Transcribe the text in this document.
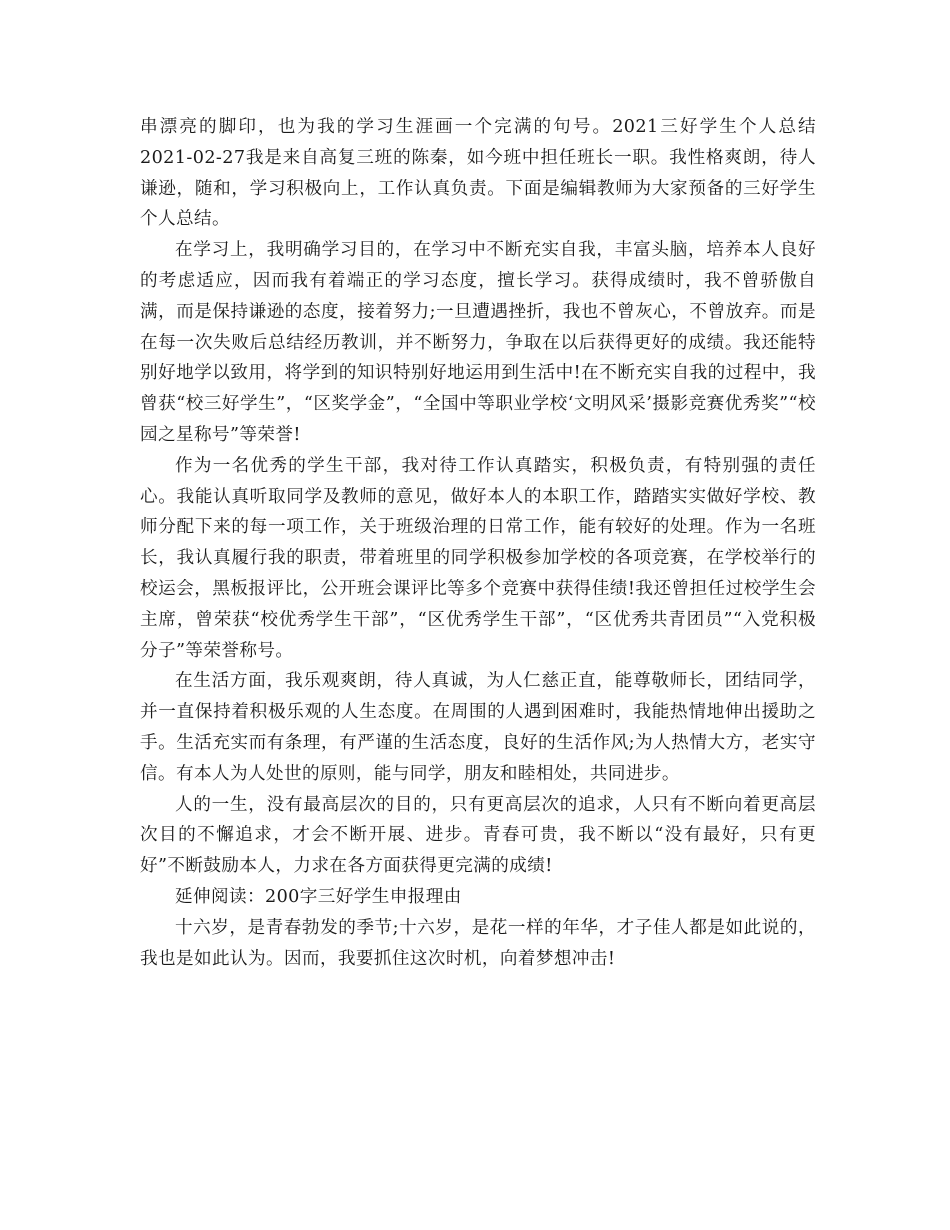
串漂亮的脚印，也为我的学习生涯画一个完满的句号。2021三好学生个人总结 2021-02-27我是来自高复三班的陈秦，如今班中担任班长一职。我性格爽朗，待人谦逊，随和，学习积极向上，工作认真负责。下面是编辑教师为大家预备的三好学生个人总结。

在学习上，我明确学习目的，在学习中不断充实自我，丰富头脑，培养本人良好的考虑适应，因而我有着端正的学习态度，擅长学习。获得成绩时，我不曾骄傲自满，而是保持谦逊的态度，接着努力;一旦遭遇挫折，我也不曾灰心，不曾放弃。而是在每一次失败后总结经历教训，并不断努力，争取在以后获得更好的成绩。我还能特别好地学以致用，将学到的知识特别好地运用到生活中!在不断充实自我的过程中，我曾获“校三好学生”，“区奖学金”，“全国中等职业学校‘文明风采’摄影竞赛优秀奖”“校园之星称号”等荣誉!

作为一名优秀的学生干部，我对待工作认真踏实，积极负责，有特别强的责任心。我能认真听取同学及教师的意见，做好本人的本职工作，踏踏实实做好学校、教师分配下来的每一项工作，关于班级治理的日常工作，能有较好的处理。作为一名班长，我认真履行我的职责，带着班里的同学积极参加学校的各项竞赛，在学校举行的校运会，黑板报评比，公开班会课评比等多个竞赛中获得佳绩!我还曾担任过校学生会主席，曾荣获“校优秀学生干部”，“区优秀学生干部”，“区优秀共青团员”“入党积极分子”等荣誉称号。

在生活方面，我乐观爽朗，待人真诚，为人仁慈正直，能尊敬师长，团结同学，并一直保持着积极乐观的人生态度。在周围的人遇到困难时，我能热情地伸出援助之手。生活充实而有条理，有严谨的生活态度，良好的生活作风;为人热情大方，老实守信。有本人为人处世的原则，能与同学，朋友和睦相处，共同进步。

人的一生，没有最高层次的目的，只有更高层次的追求，人只有不断向着更高层次目的不懈追求，才会不断开展、进步。青春可贵，我不断以“没有最好，只有更好”不断鼓励本人，力求在各方面获得更完满的成绩!

延伸阅读：200字三好学生申报理由

十六岁，是青春勃发的季节;十六岁，是花一样的年华，才子佳人都是如此说的，我也是如此认为。因而，我要抓住这次时机，向着梦想冲击!
